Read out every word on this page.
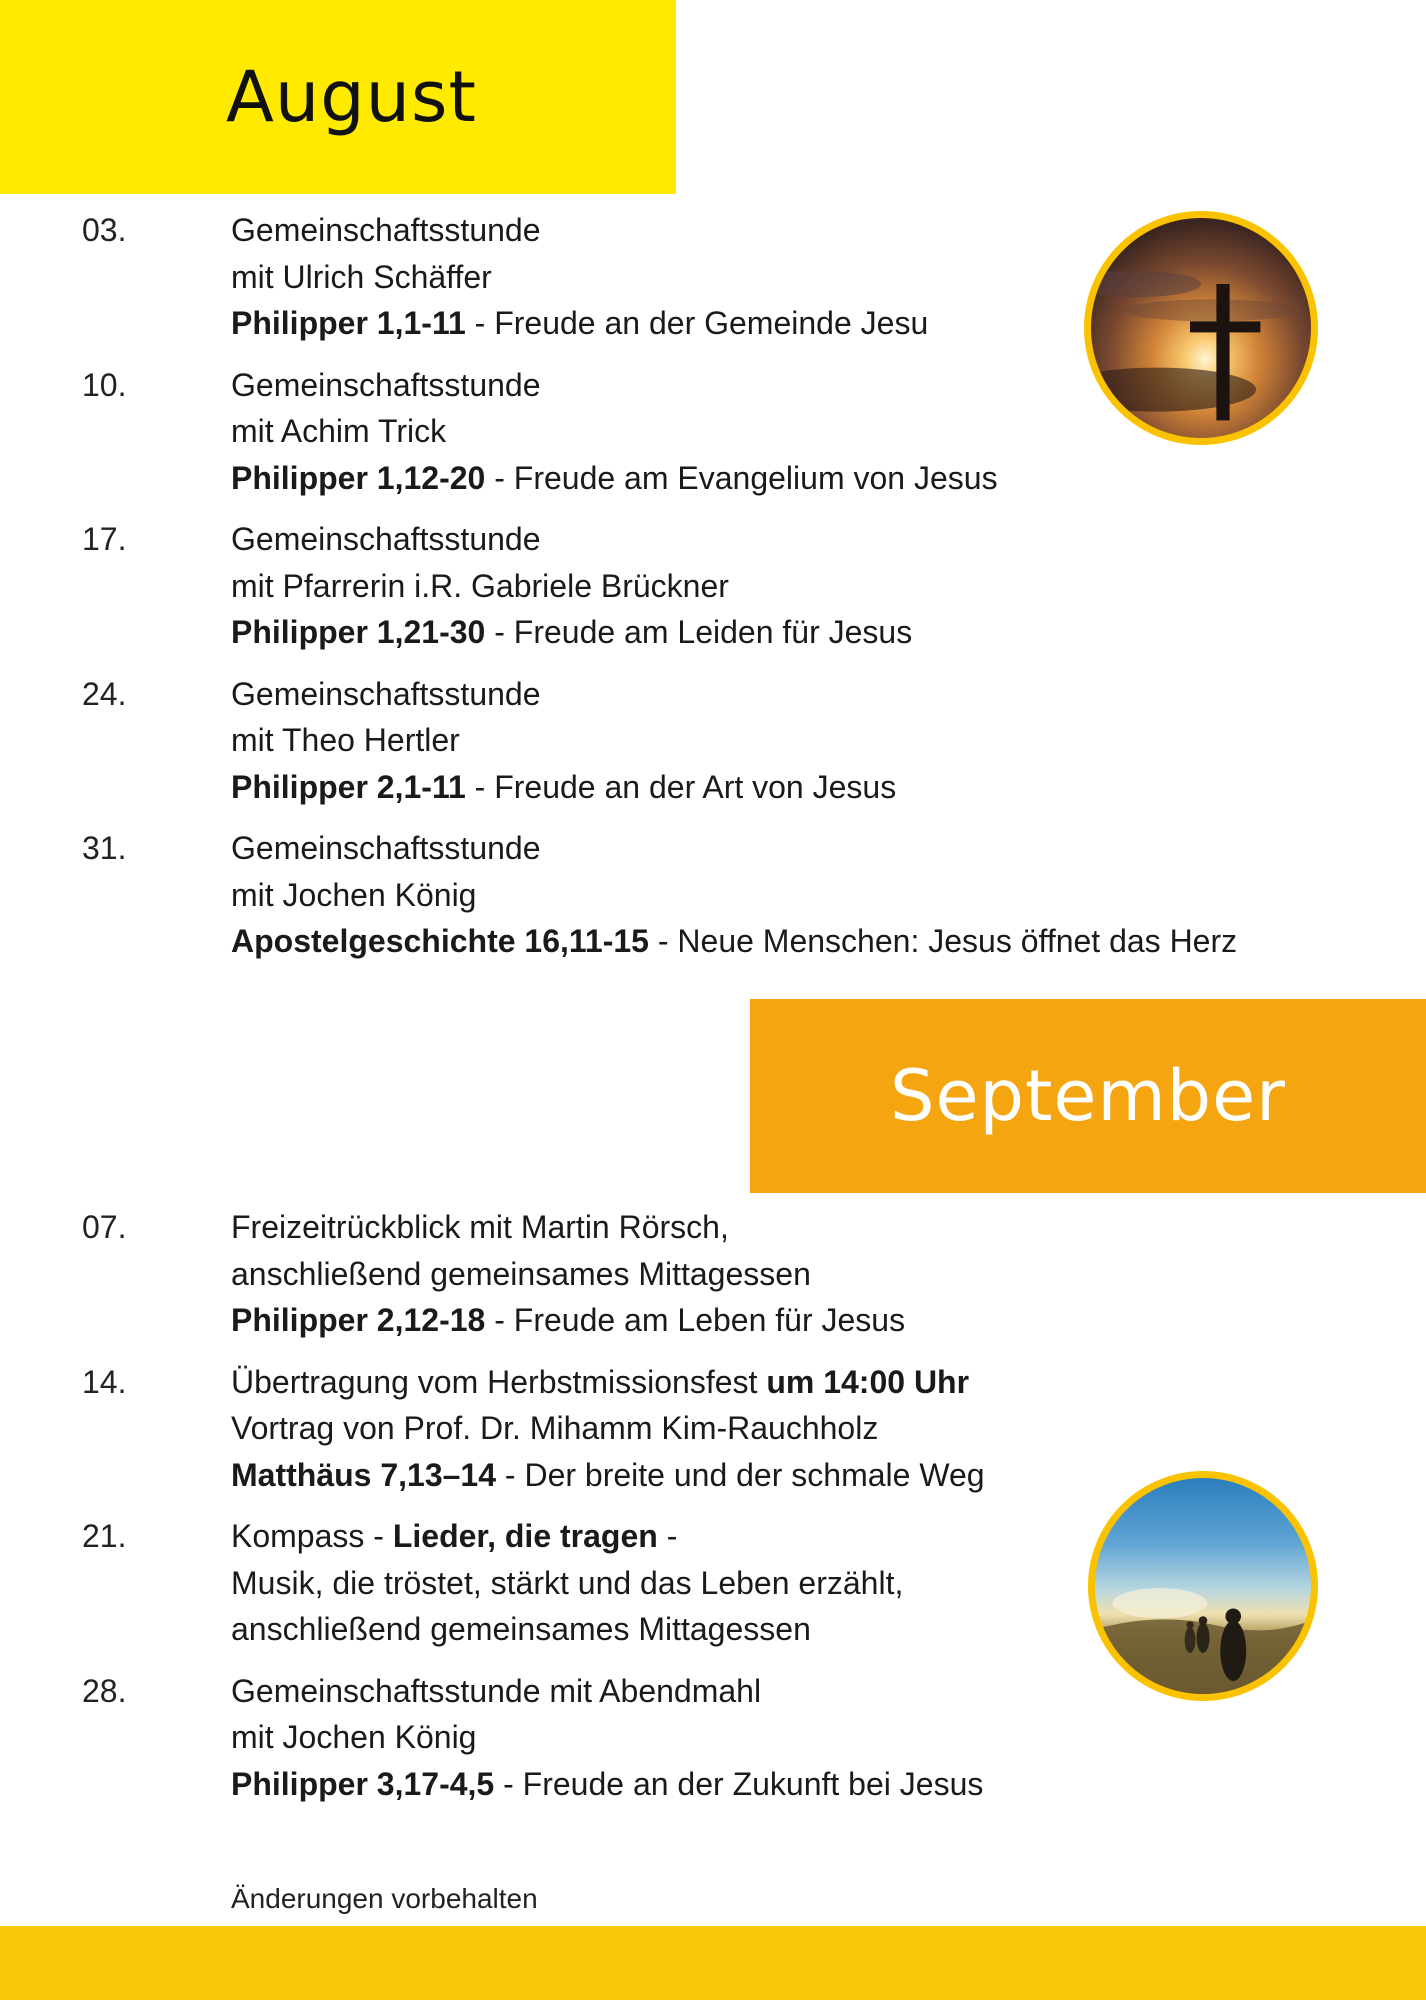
August
03.	Gemeinschaftsstunde
mit Ulrich Schäffer
Philipper 1,1-11 - Freude an der Gemeinde Jesu
10.	Gemeinschaftsstunde
mit Achim Trick
Philipper 1,12-20 - Freude am Evangelium von Jesus
17.	Gemeinschaftsstunde
mit Pfarrerin i.R. Gabriele Brückner
Philipper 1,21-30 - Freude am Leiden für Jesus
24.	Gemeinschaftsstunde
mit Theo Hertler
Philipper 2,1-11 - Freude an der Art von Jesus
31.	Gemeinschaftsstunde
mit Jochen König
Apostelgeschichte 16,11-15 - Neue Menschen: Jesus öffnet das Herz
September
07.	Freizeitrückblick mit Martin Rörsch,
anschließend gemeinsames Mittagessen
Philipper 2,12-18 - Freude am Leben für Jesus
14.	Übertragung vom Herbstmissionsfest um 14:00 Uhr
Vortrag von Prof. Dr. Mihamm Kim-Rauchholz
Matthäus 7,13–14 - Der breite und der schmale Weg
21.	Kompass - Lieder, die tragen -
Musik, die tröstet, stärkt und das Leben erzählt,
anschließend gemeinsames Mittagessen
28.	Gemeinschaftsstunde mit Abendmahl
mit Jochen König
Philipper 3,17-4,5 - Freude an der Zukunft bei Jesus
Änderungen vorbehalten
